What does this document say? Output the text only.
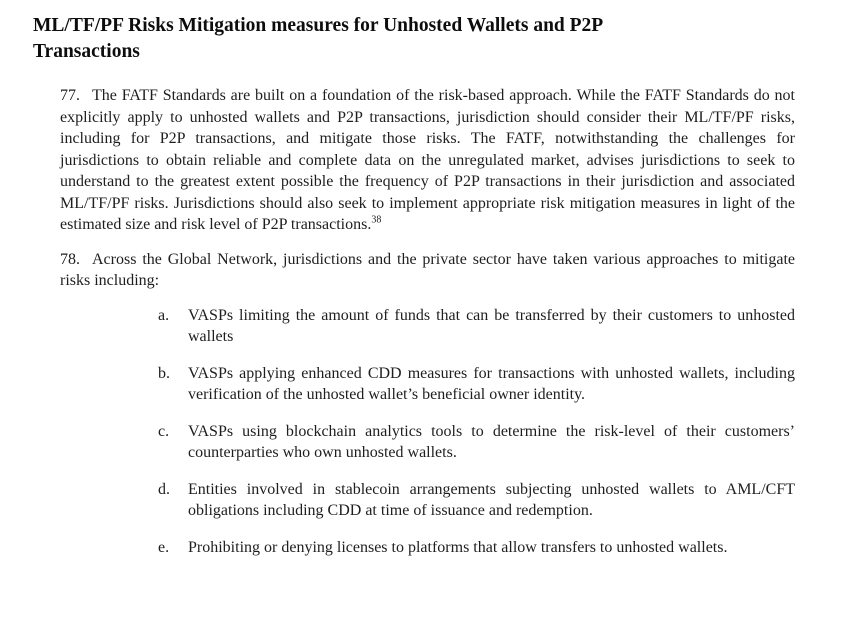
ML/TF/PF Risks Mitigation measures for Unhosted Wallets and P2P Transactions

77. The FATF Standards are built on a foundation of the risk-based approach. While the FATF Standards do not explicitly apply to unhosted wallets and P2P transactions, jurisdiction should consider their ML/TF/PF risks, including for P2P transactions, and mitigate those risks. The FATF, notwithstanding the challenges for jurisdictions to obtain reliable and complete data on the unregulated market, advises jurisdictions to seek to understand to the greatest extent possible the frequency of P2P transactions in their jurisdiction and associated ML/TF/PF risks. Jurisdictions should also seek to implement appropriate risk mitigation measures in light of the estimated size and risk level of P2P transactions.$^{38}$

78. Across the Global Network, jurisdictions and the private sector have taken various approaches to mitigate risks including:

a.	VASPs limiting the amount of funds that can be transferred by their customers to unhosted wallets
b.	VASPs applying enhanced CDD measures for transactions with unhosted wallets, including verification of the unhosted wallet’s beneficial owner identity.
c.	VASPs using blockchain analytics tools to determine the risk-level of their customers’ counterparties who own unhosted wallets.
d.	Entities involved in stablecoin arrangements subjecting unhosted wallets to AML/CFT obligations including CDD at time of issuance and redemption.
e.	Prohibiting or denying licenses to platforms that allow transfers to unhosted wallets.
